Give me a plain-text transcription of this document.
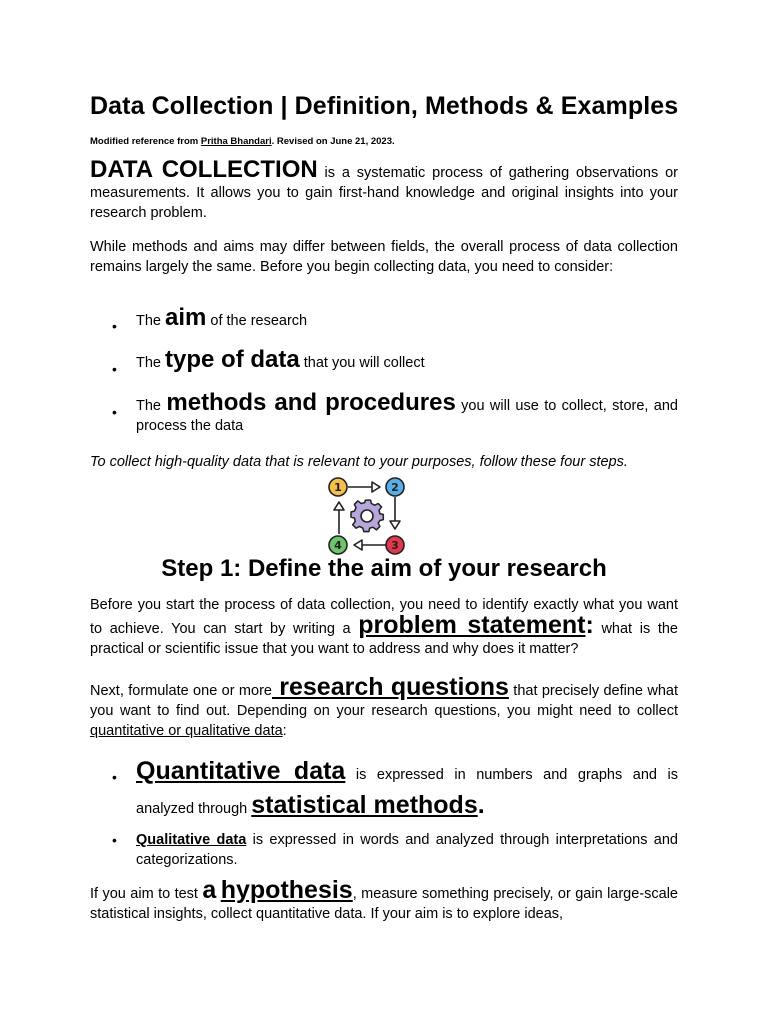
Data Collection | Definition, Methods & Examples
Modified reference from Pritha Bhandari. Revised on June 21, 2023.

DATA COLLECTION is a systematic process of gathering observations or measurements. It allows you to gain first-hand knowledge and original insights into your research problem.

While methods and aims may differ between fields, the overall process of data collection remains largely the same. Before you begin collecting data, you need to consider:

• The aim of the research

• The type of data that you will collect

• The methods and procedures you will use to collect, store, and process the data

To collect high-quality data that is relevant to your purposes, follow these four steps.

1	2
3
4
Step 1: Define the aim of your research

Before you start the process of data collection, you need to identify exactly what you want to achieve. You can start by writing a problem statement: what is the practical or scientific issue that you want to address and why does it matter?

Next, formulate one or more research questions that precisely define what you want to find out. Depending on your research questions, you might need to collect quantitative or qualitative data:

• Quantitative data is expressed in numbers and graphs and is analyzed through statistical methods.

• Qualitative data is expressed in words and analyzed through interpretations and categorizations.

If you aim to test a hypothesis, measure something precisely, or gain large-scale statistical insights, collect quantitative data. If your aim is to explore ideas,
